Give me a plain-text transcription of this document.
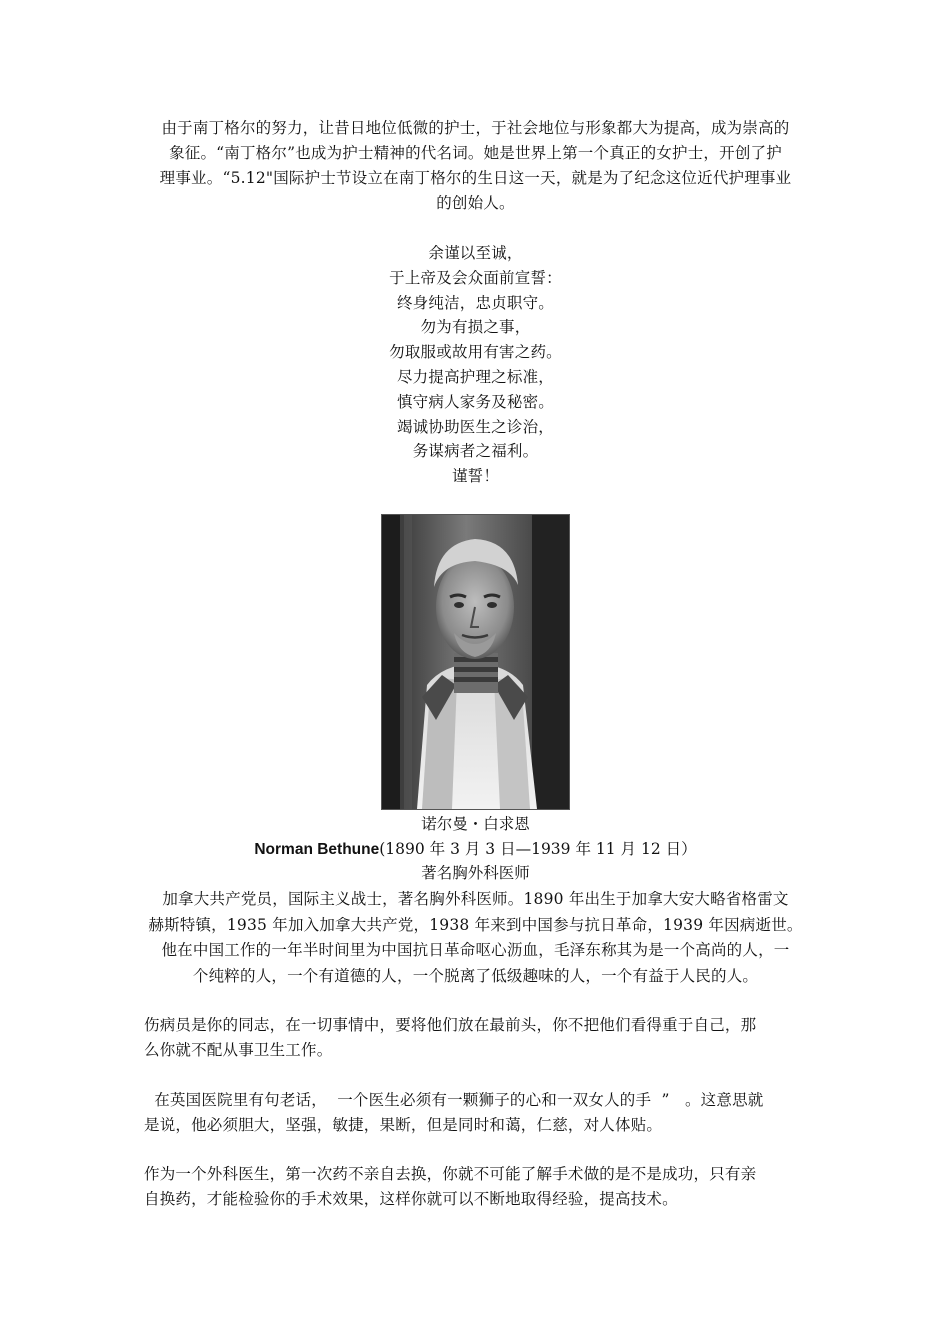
由于南丁格尔的努力，让昔日地位低微的护士，于社会地位与形象都大为提高，成为崇高的
象征。“南丁格尔”也成为护士精神的代名词。她是世界上第一个真正的女护士，开创了护
理事业。“5.12"国际护士节设立在南丁格尔的生日这一天，就是为了纪念这位近代护理事业
的创始人。
余谨以至诚，
于上帝及会众面前宣誓：
终身纯洁，忠贞职守。
勿为有损之事，
勿取服或故用有害之药。
尽力提高护理之标准，
慎守病人家务及秘密。
竭诚协助医生之诊治，
务谋病者之福利。
谨誓！
诺尔曼・白求恩
Norman Bethune(1890 年 3 月 3 日—1939 年 11 月 12 日）
著名胸外科医师
加拿大共产党员，国际主义战士，著名胸外科医师。1890 年出生于加拿大安大略省格雷文
赫斯特镇，1935 年加入加拿大共产党，1938 年来到中国参与抗日革命，1939 年因病逝世。
他在中国工作的一年半时间里为中国抗日革命呕心沥血，毛泽东称其为是一个高尚的人，一
个纯粹的人，一个有道德的人，一个脱离了低级趣味的人，一个有益于人民的人。
伤病员是你的同志，在一切事情中，要将他们放在最前头，你不把他们看得重于自己，那
么你就不配从事卫生工作。
在英国医院里有句老话，  一个医生必须有一颗狮子的心和一双女人的手  ”   。这意思就
是说，他必须胆大，坚强，敏捷，果断，但是同时和蔼，仁慈，对人体贴。
作为一个外科医生，第一次药不亲自去换，你就不可能了解手术做的是不是成功，只有亲
自换药，才能检验你的手术效果，这样你就可以不断地取得经验，提高技术。
